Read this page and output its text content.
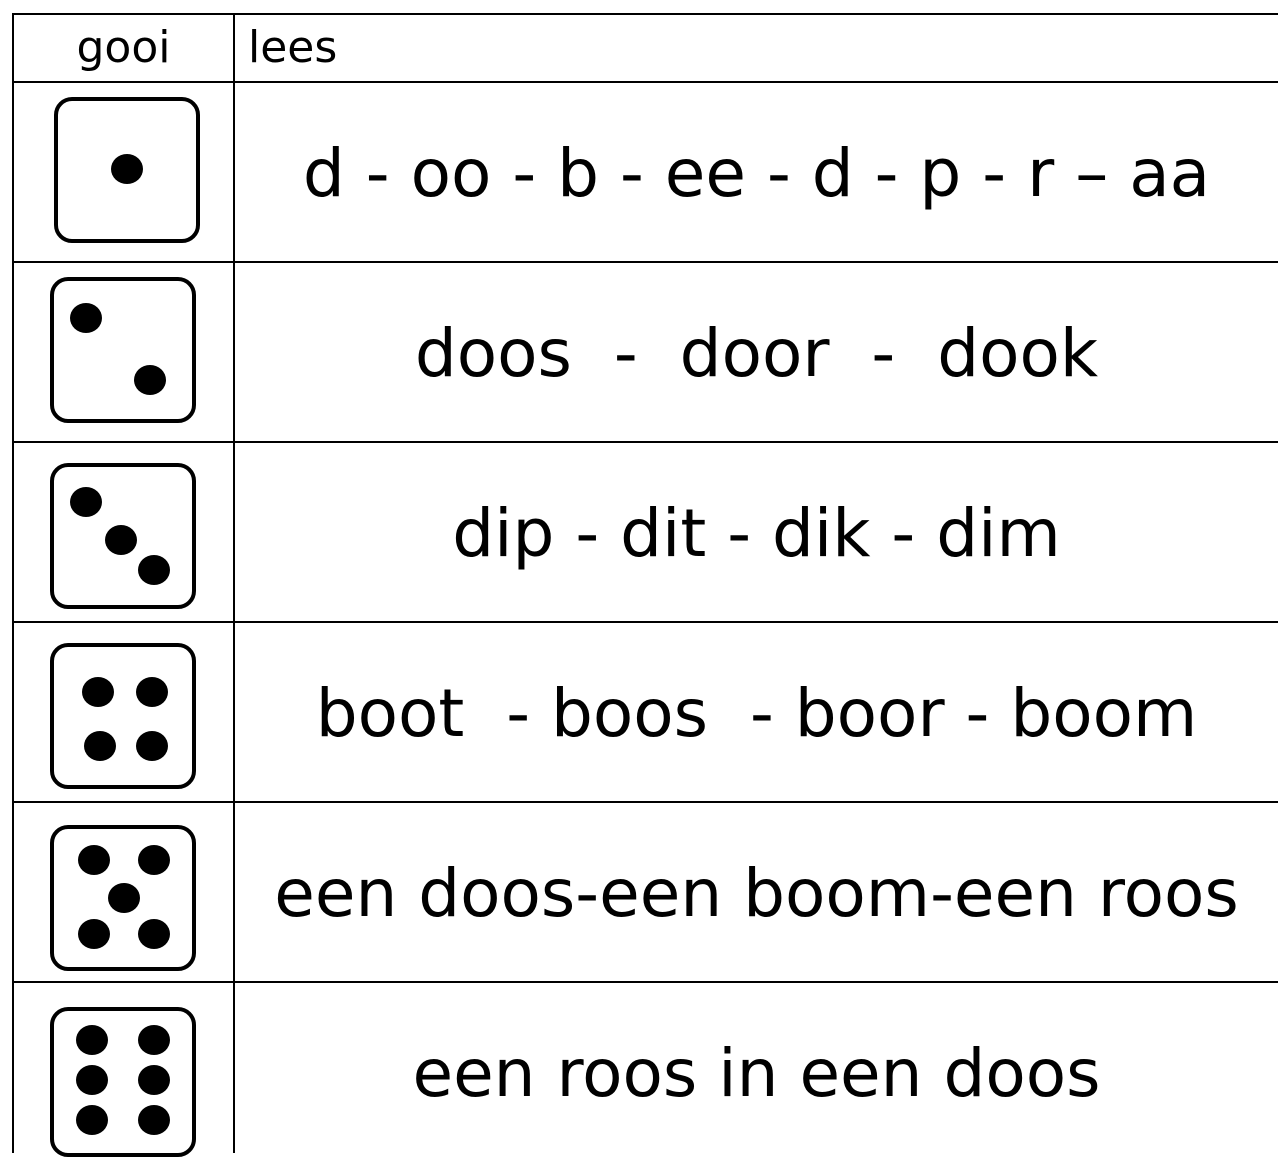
gooi	lees
d - oo - b - ee - d - p - r – aa
doos  -  door  -  dook
dip - dit - dik - dim
boot  - boos  - boor - boom
een doos-een boom-een roos
een roos in een doos
